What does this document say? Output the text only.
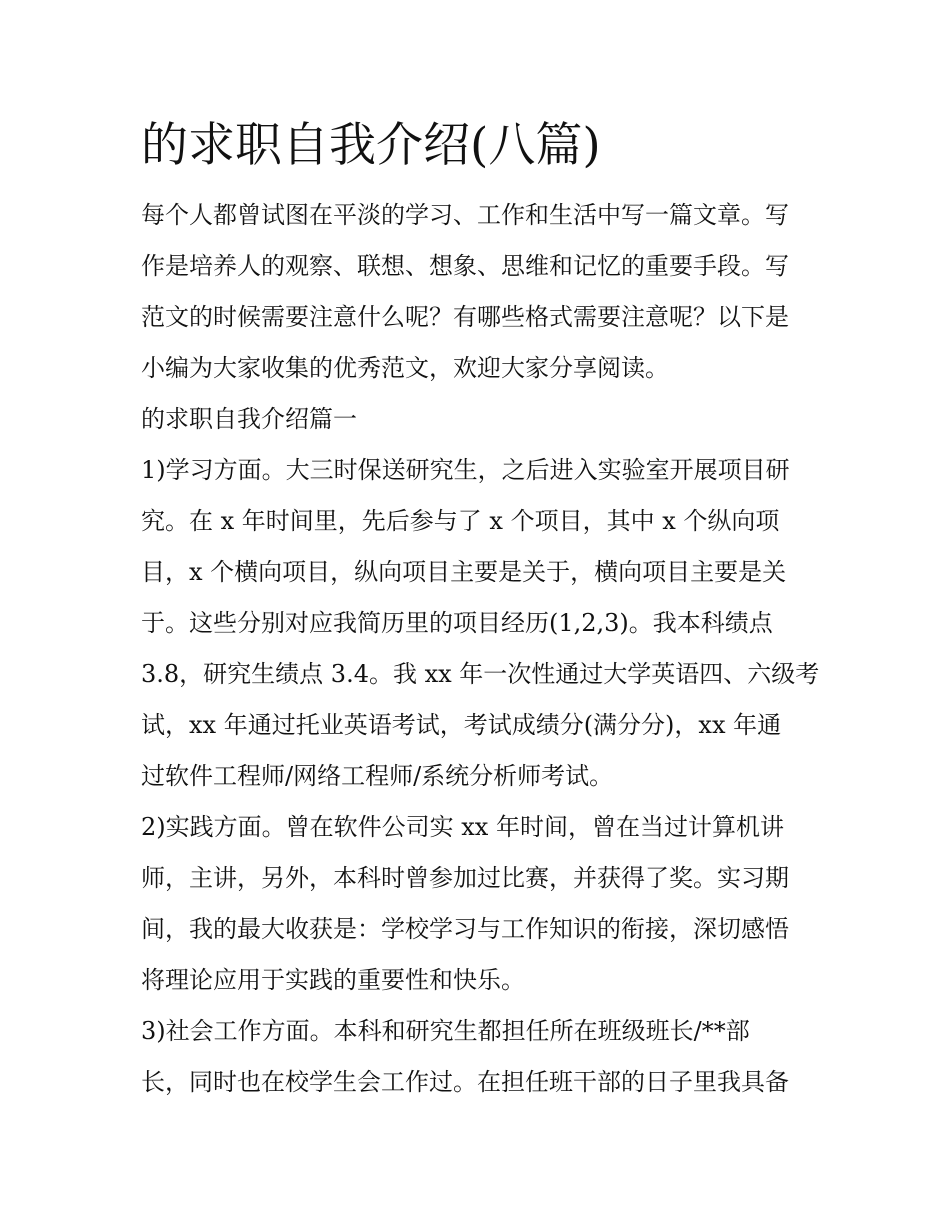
的求职自我介绍(八篇)
每个人都曾试图在平淡的学习、工作和生活中写一篇文章。写
作是培养人的观察、联想、想象、思维和记忆的重要手段。写
范文的时候需要注意什么呢？有哪些格式需要注意呢？以下是
小编为大家收集的优秀范文，欢迎大家分享阅读。
的求职自我介绍篇一
1)学习方面。大三时保送研究生，之后进入实验室开展项目研
究。在 x 年时间里，先后参与了 x 个项目，其中 x 个纵向项
目，x 个横向项目，纵向项目主要是关于，横向项目主要是关
于。这些分别对应我简历里的项目经历(1,2,3)。我本科绩点
3.8，研究生绩点 3.4。我 xx 年一次性通过大学英语四、六级考
试，xx 年通过托业英语考试，考试成绩分(满分分)，xx 年通
过软件工程师/网络工程师/系统分析师考试。
2)实践方面。曾在软件公司实 xx 年时间，曾在当过计算机讲
师，主讲，另外，本科时曾参加过比赛，并获得了奖。实习期
间，我的最大收获是：学校学习与工作知识的衔接，深切感悟
将理论应用于实践的重要性和快乐。
3)社会工作方面。本科和研究生都担任所在班级班长/**部
长，同时也在校学生会工作过。在担任班干部的日子里我具备
